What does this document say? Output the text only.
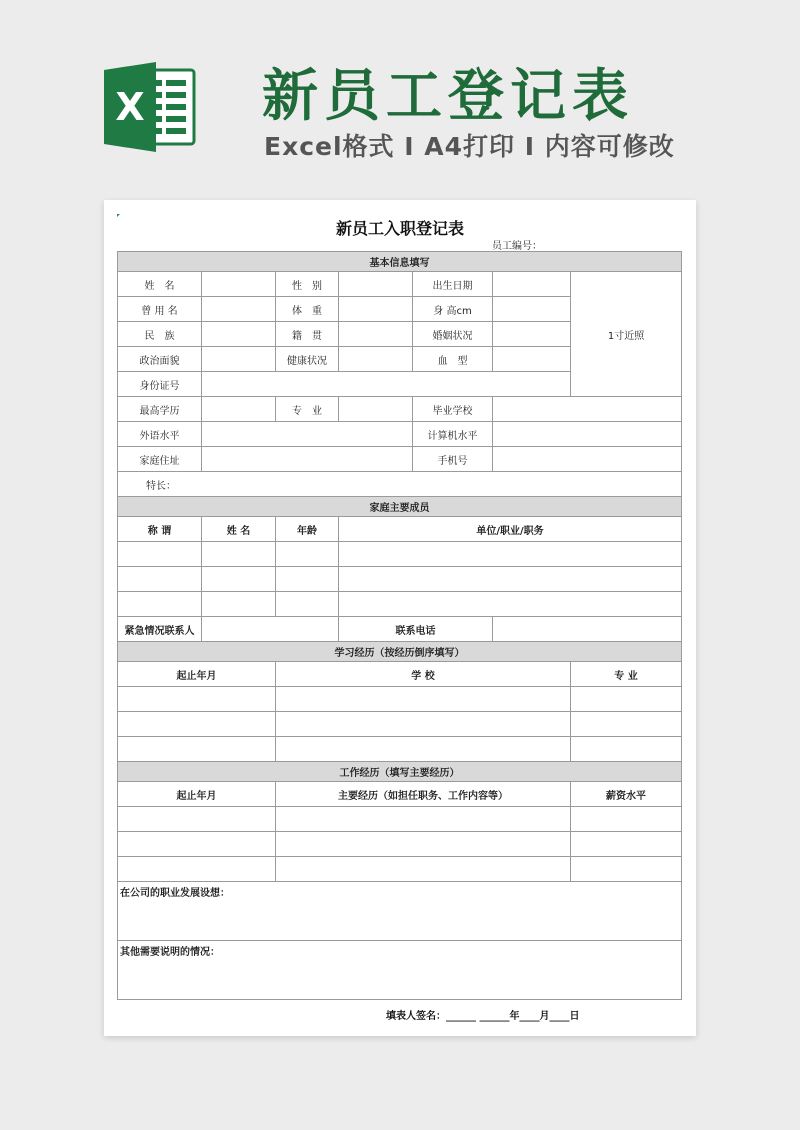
X 新员工登记表
Excel格式 I A4打印 I 内容可修改
新员工入职登记表
员工编号：
基本信息填写						
姓　名		性　别		出生日期		1寸近照
曾 用 名		体　重		身 高cm		
民　族		籍　贯		婚姻状况		
政治面貌		健康状况		血　型		
身份证号						
最高学历		专　业		毕业学校		
外语水平				计算机水平		
家庭住址				手机号		
特长：						
家庭主要成员						
称 谓	姓 名	年龄	单位/职业/职务			

紧急情况联系人			联系电话			
学习经历（按经历倒序填写）						
起止年月		学 校				专 业

工作经历（填写主要经历）						
起止年月		主要经历（如担任职务、工作内容等）				薪资水平

在公司的职业发展设想：						
其他需要说明的情况：						
填表人签名：______ ______年____月____日
